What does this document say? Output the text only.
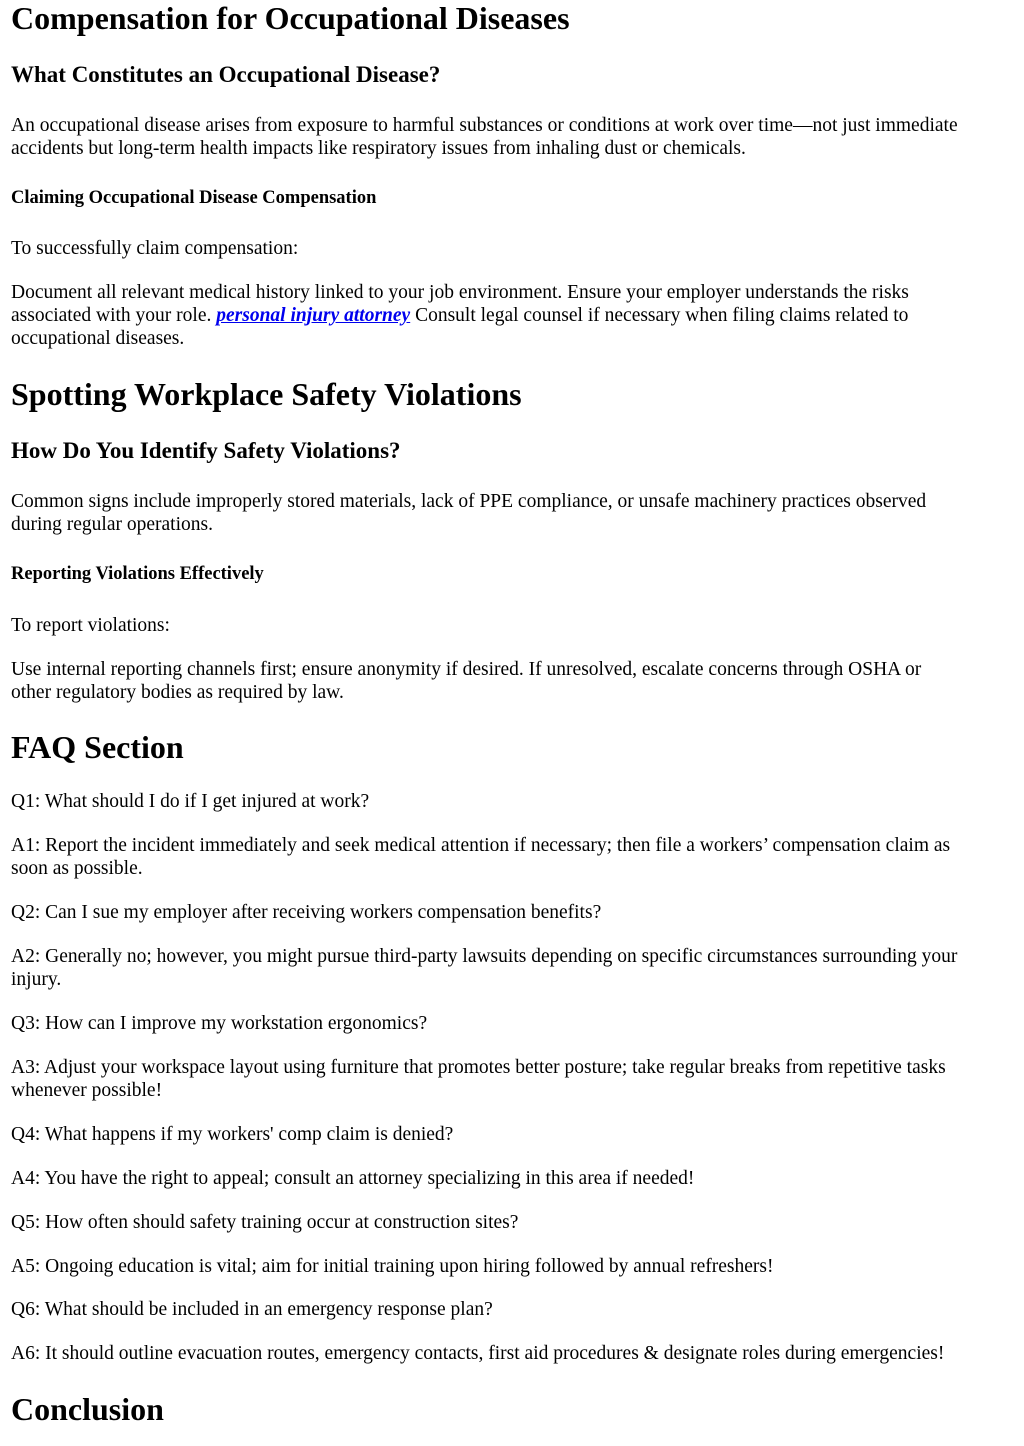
Compensation for Occupational Diseases
What Constitutes an Occupational Disease?

An occupational disease arises from exposure to harmful substances or conditions at work over time—not just immediate
accidents but long-term health impacts like respiratory issues from inhaling dust or chemicals.

Claiming Occupational Disease Compensation

To successfully claim compensation:

Document all relevant medical history linked to your job environment. Ensure your employer understands the risks
associated with your role. personal injury attorney Consult legal counsel if necessary when filing claims related to
occupational diseases.

Spotting Workplace Safety Violations
How Do You Identify Safety Violations?

Common signs include improperly stored materials, lack of PPE compliance, or unsafe machinery practices observed
during regular operations.

Reporting Violations Effectively

To report violations:

Use internal reporting channels first; ensure anonymity if desired. If unresolved, escalate concerns through OSHA or
other regulatory bodies as required by law.

FAQ Section

Q1: What should I do if I get injured at work?

A1: Report the incident immediately and seek medical attention if necessary; then file a workers’ compensation claim as
soon as possible.

Q2: Can I sue my employer after receiving workers compensation benefits?

A2: Generally no; however, you might pursue third-party lawsuits depending on specific circumstances surrounding your
injury.

Q3: How can I improve my workstation ergonomics?

A3: Adjust your workspace layout using furniture that promotes better posture; take regular breaks from repetitive tasks
whenever possible!

Q4: What happens if my workers' comp claim is denied?

A4: You have the right to appeal; consult an attorney specializing in this area if needed!

Q5: How often should safety training occur at construction sites?

A5: Ongoing education is vital; aim for initial training upon hiring followed by annual refreshers!

Q6: What should be included in an emergency response plan?

A6: It should outline evacuation routes, emergency contacts, first aid procedures & designate roles during emergencies!

Conclusion
